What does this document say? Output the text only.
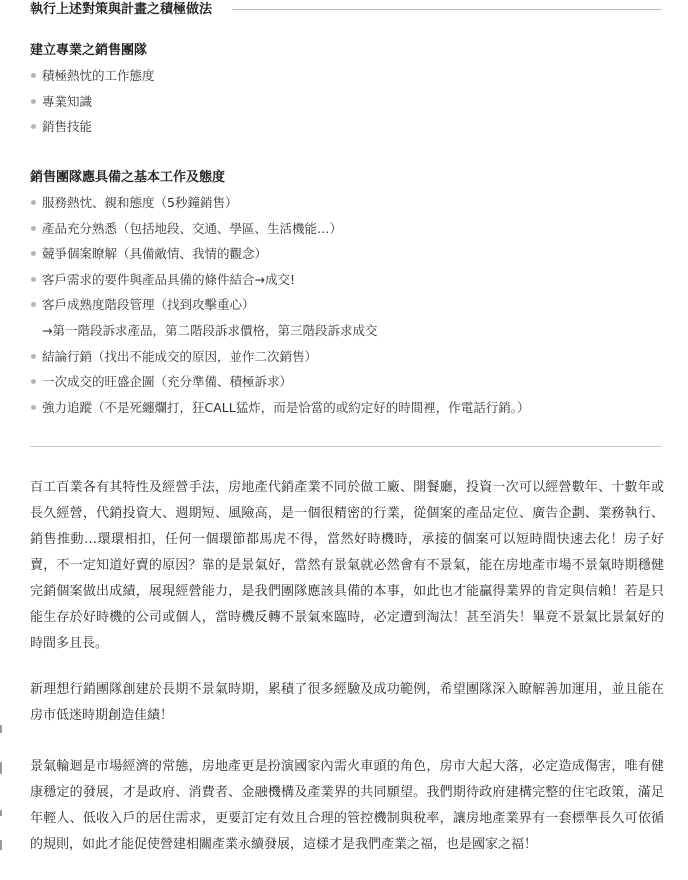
執行上述對策與計畫之積極做法
建立專業之銷售團隊
積極熱忱的工作態度
專業知識
銷售技能
銷售團隊應具備之基本工作及態度
服務熱忱、親和態度（5秒鐘銷售）
產品充分熟悉（包括地段、交通、學區、生活機能…）
競爭個案瞭解（具備敵情、我情的觀念）
客戶需求的要件與產品具備的條件結合→成交!
客戶成熟度階段管理（找到攻擊重心）
→第一階段訴求產品，第二階段訴求價格，第三階段訴求成交
結論行銷（找出不能成交的原因，並作二次銷售）
一次成交的旺盛企圖（充分準備、積極訴求）
強力追蹤（不是死纏爛打，狂CALL猛炸，而是恰當的或約定好的時間裡，作電話行銷。）
百工百業各有其特性及經營手法，房地產代銷產業不同於做工廠、開餐廳，投資一次可以經營數年、十數年或長久經營，代銷投資大、週期短、風險高，是一個很精密的行業，從個案的產品定位、廣告企劃、業務執行、銷售推動…環環相扣，任何一個環節都馬虎不得，當然好時機時，承接的個案可以短時間快速去化！房子好賣，不一定知道好賣的原因？靠的是景氣好，當然有景氣就必然會有不景氣，能在房地產市場不景氣時期穩健完銷個案做出成績，展現經營能力，是我們團隊應該具備的本事，如此也才能贏得業界的肯定與信賴！若是只能生存於好時機的公司或個人，當時機反轉不景氣來臨時，必定遭到淘汰！甚至消失！畢竟不景氣比景氣好的時間多且長。
新理想行銷團隊創建於長期不景氣時期，累積了很多經驗及成功範例，希望團隊深入瞭解善加運用，並且能在房市低迷時期創造佳績！
景氣輪迴是市場經濟的常態，房地產更是扮演國家內需火車頭的角色，房市大起大落，必定造成傷害，唯有健康穩定的發展，才是政府、消費者、金融機構及產業界的共同願望。我們期待政府建構完整的住宅政策，滿足年輕人、低收入戶的居住需求，更要訂定有效且合理的管控機制與稅率，讓房地產業界有一套標準長久可依循的規則，如此才能促使營建相關產業永續發展，這樣才是我們產業之福，也是國家之福！
